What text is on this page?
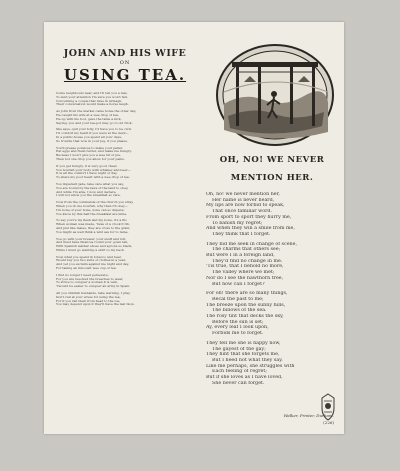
JOHN AND HIS WIFE
ON
USING TEA.
Come neighbours near, and I'll tell you a tale,
To lend your attention I'm sure you won't fail,
Concerning a couple that lives in Armagh,
Their conversation would make a horse laugh.
As John from the market came home the other day,
He caught his wife at a wee drop of tea,
He up with his foot, gave the table a kick,
Saying, you and your tea-pot may go to old Nick.
She says, quit your folly, I'd have you to be civil,
I'll comfort my heart if you were at the devil—
In a public-house you spend all your days,
So trouble that now in your jug, if you please.
You'll grease potatoes to make your pallet,
Eat eggs and fresh butter, and make me hungry,
Because I won't give you a wee bit of pie,
Then not one drop you allow for your pains.
If you get hungry, it is very good cheer,
You nourish your body with whiskey and beer—
It is all the comfort I have night or day,
To share my poor heart with a wee drop of tea.
You impudent jade, take care what you say,
You are bound by the laws of the land to obey,
And while I'm able, I now and declare,
I will not allow you the breakfast so rare.
Now from the commands of the church you stray,
When you do me nourish, why then I'll obey—
I'm bone of your bone, none can so dispute,
You know by this half the breakfast are mine.
To say you're my flesh and my bone, it's a fib,
When woman was made, 'twas of a crook'd rib,
And just like males, they are cross to the grain,
You might as well think a wild ass for to tame.
You go with your brewer, your snuff and roll,
And must have finances round your gown tail,
With Spanish leather shoes and aprons so black,
While I must go wanting a shirt to my back.
Now what you spend in tobacco and beer,
Would buy you two suits of clothes in a year,
And yet you exclaim against me night and day,
For taking an innocent wee cup of tea.
I find no longer I need persevere,
For you are resolved the breeches to wear,
To strive to conquer a woman it is vain,
'Twould be easier to conquer an army in Spain.
All you childish husbands, take warning, I pray,
Don't rail at your wives for using the tea,
For if you rail them from head to the toe,
You may depend upon it they'll have the last blow.
OH, NO! WE NEVER
MENTION HER.
Oh, no! we never mention her,
Her name is never heard,
My lips are now forbid to speak,
That once familiar word.
From sport to sport they hurry me,
To banish my regret;
And when they win a smile from me,
They think that I forget.
They bid me seek in change of scene,
The charms that others see;
But were I in a foreign land,
They'd find no change in me.
'Tis true, that I behold no more,
The valley where we met;
Nor do I see the hawthorn tree,
But how can I forget?
For oh! there are so many things,
Recal the past to me;
The breeze upon the sunny hills,
The billows of the sea.
The rosy tint that decks the sky,
Before the sun is set;
Ay, every leaf I look upon,
Forbids me to forget.
They tell me she is happy now,
The gayest of the gay;
They hint that she forgets me,
But I heed not what they say.
Like me perhaps, she struggles with
Each feeling of regret;
But if she loves as I have loved,
She never can forget.
Walker, Printer, Durham.
(226)
